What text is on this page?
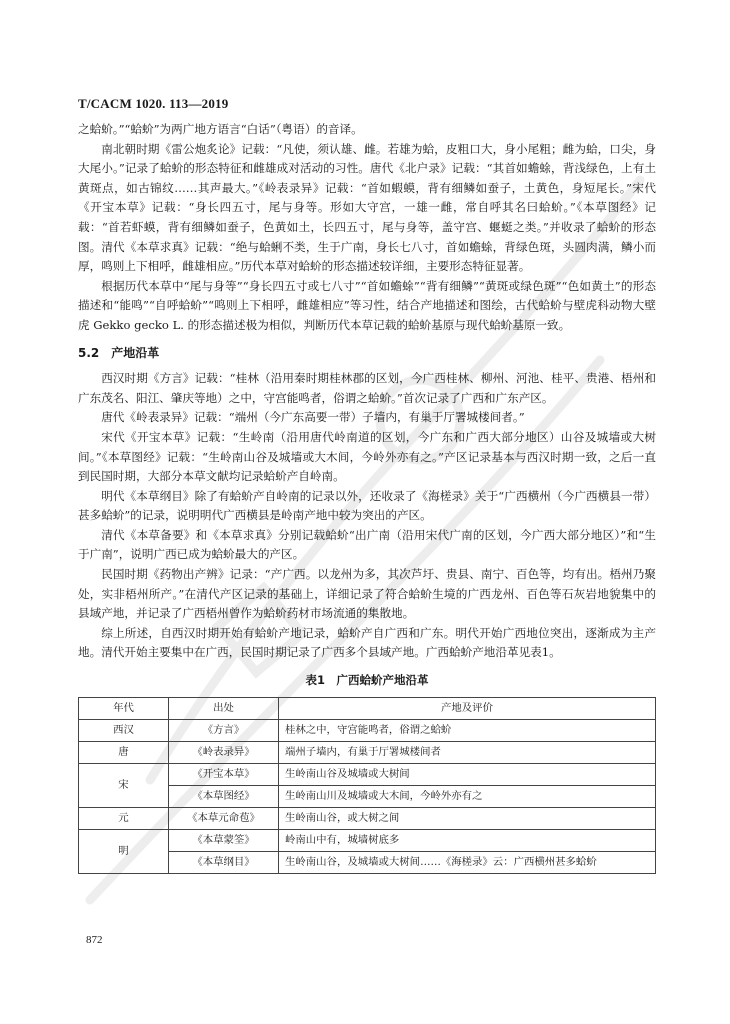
T/CACM 1020. 113—2019

之蛤蚧。”“蛤蚧”为两广地方语言“白话”（粤语）的音译。

南北朝时期《雷公炮炙论》记载：“凡使，须认雄、雌。若雄为蛤，皮粗口大，身小尾粗；雌为蛤，口尖，身大尾小。”记录了蛤蚧的形态特征和雌雄成对活动的习性。唐代《北户录》记载：“其首如蟾蜍，背浅绿色，上有土黄斑点，如古锦纹……其声最大。”《岭表录异》记载：“首如蝦蟆，背有细鳞如蚕子，土黄色，身短尾长。”宋代《开宝本草》记载：“身长四五寸，尾与身等。形如大守宫，一雄一雌，常自呼其名曰蛤蚧。”《本草图经》记载：“首若虾蟆，背有细鳞如蚕子，色黄如土，长四五寸，尾与身等，盖守宫、蝘蜓之类。”并收录了蛤蚧的形态图。清代《本草求真》记载：“绝与蛤蜊不类，生于广南，身长七八寸，首如蟾蜍，背绿色斑，头圆肉满，鳞小而厚，鸣则上下相呼，雌雄相应。”历代本草对蛤蚧的形态描述较详细，主要形态特征显著。

根据历代本草中“尾与身等”“身长四五寸或七八寸”“首如蟾蜍”“背有细鳞”“黄斑或绿色斑”“色如黄土”的形态描述和“能鸣”“自呼蛤蚧”“鸣则上下相呼，雌雄相应”等习性，结合产地描述和图绘，古代蛤蚧与壁虎科动物大壁虎 Gekko gecko L. 的形态描述极为相似，判断历代本草记载的蛤蚧基原与现代蛤蚧基原一致。

5.2　产地沿革

西汉时期《方言》记载：“桂林（沿用秦时期桂林郡的区划，今广西桂林、柳州、河池、桂平、贵港、梧州和广东茂名、阳江、肇庆等地）之中，守宫能鸣者，俗谓之蛤蚧。”首次记录了广西和广东产区。

唐代《岭表录异》记载：“端州（今广东高要一带）子墙内，有巢于厅署城楼间者。”

宋代《开宝本草》记载：“生岭南（沿用唐代岭南道的区划，今广东和广西大部分地区）山谷及城墙或大树间。”《本草图经》记载：“生岭南山谷及城墙或大木间，今岭外亦有之。”产区记录基本与西汉时期一致，之后一直到民国时期，大部分本草文献均记录蛤蚧产自岭南。

明代《本草纲目》除了有蛤蚧产自岭南的记录以外，还收录了《海槎录》关于“广西横州（今广西横县一带）甚多蛤蚧”的记录，说明明代广西横县是岭南产地中较为突出的产区。

清代《本草备要》和《本草求真》分别记载蛤蚧“出广南（沿用宋代广南的区划，今广西大部分地区）”和“生于广南”，说明广西已成为蛤蚧最大的产区。

民国时期《药物出产辨》记录：“产广西。以龙州为多，其次芦圩、贵县、南宁、百色等，均有出。梧州乃聚处，实非梧州所产。”在清代产区记录的基础上，详细记录了符合蛤蚧生境的广西龙州、百色等石灰岩地貌集中的县域产地，并记录了广西梧州曾作为蛤蚧药材市场流通的集散地。

综上所述，自西汉时期开始有蛤蚧产地记录，蛤蚧产自广西和广东。明代开始广西地位突出，逐渐成为主产地。清代开始主要集中在广西，民国时期记录了广西多个县域产地。广西蛤蚧产地沿革见表1。

表1　广西蛤蚧产地沿革
年代	出处	产地及评价
西汉	《方言》	桂林之中，守宫能鸣者，俗谓之蛤蚧
唐	《岭表录异》	端州子墙内，有巢于厅署城楼间者
宋	《开宝本草》	生岭南山谷及城墙或大树间
	《本草图经》	生岭南山川及城墙或大木间，今岭外亦有之
元	《本草元命苞》	生岭南山谷，或大树之间
明	《本草蒙筌》	岭南山中有，城墙树底多
	《本草纲目》	生岭南山谷，及城墙或大树间……《海槎录》云：广西横州甚多蛤蚧
872
